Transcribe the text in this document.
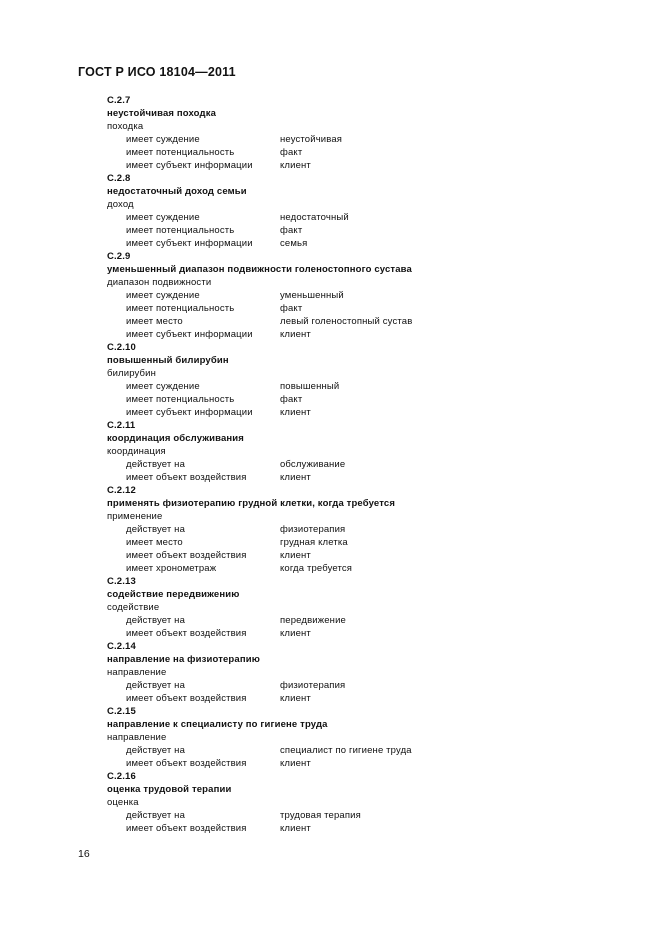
ГОСТ Р ИСО 18104—2011
C.2.7
неустойчивая походка
походка
имеет суждение	неустойчивая
имеет потенциальность	факт
имеет субъект информации	клиент
C.2.8
недостаточный доход семьи
доход
имеет суждение	недостаточный
имеет потенциальность	факт
имеет субъект информации	семья
C.2.9
уменьшенный диапазон подвижности голеностопного сустава
диапазон подвижности
имеет суждение	уменьшенный
имеет потенциальность	факт
имеет место	левый голеностопный сустав
имеет субъект информации	клиент
C.2.10
повышенный билирубин
билирубин
имеет суждение	повышенный
имеет потенциальность	факт
имеет субъект информации	клиент
C.2.11
координация обслуживания
координация
действует на	обслуживание
имеет объект воздействия	клиент
C.2.12
применять физиотерапию грудной клетки, когда требуется
применение
действует на	физиотерапия
имеет место	грудная клетка
имеет объект воздействия	клиент
имеет хронометраж	когда требуется
C.2.13
содействие передвижению
содействие
действует на	передвижение
имеет объект воздействия	клиент
C.2.14
направление на физиотерапию
направление
действует на	физиотерапия
имеет объект воздействия	клиент
C.2.15
направление к специалисту по гигиене труда
направление
действует на	специалист по гигиене труда
имеет объект воздействия	клиент
C.2.16
оценка трудовой терапии
оценка
действует на	трудовая терапия
имеет объект воздействия	клиент
16
